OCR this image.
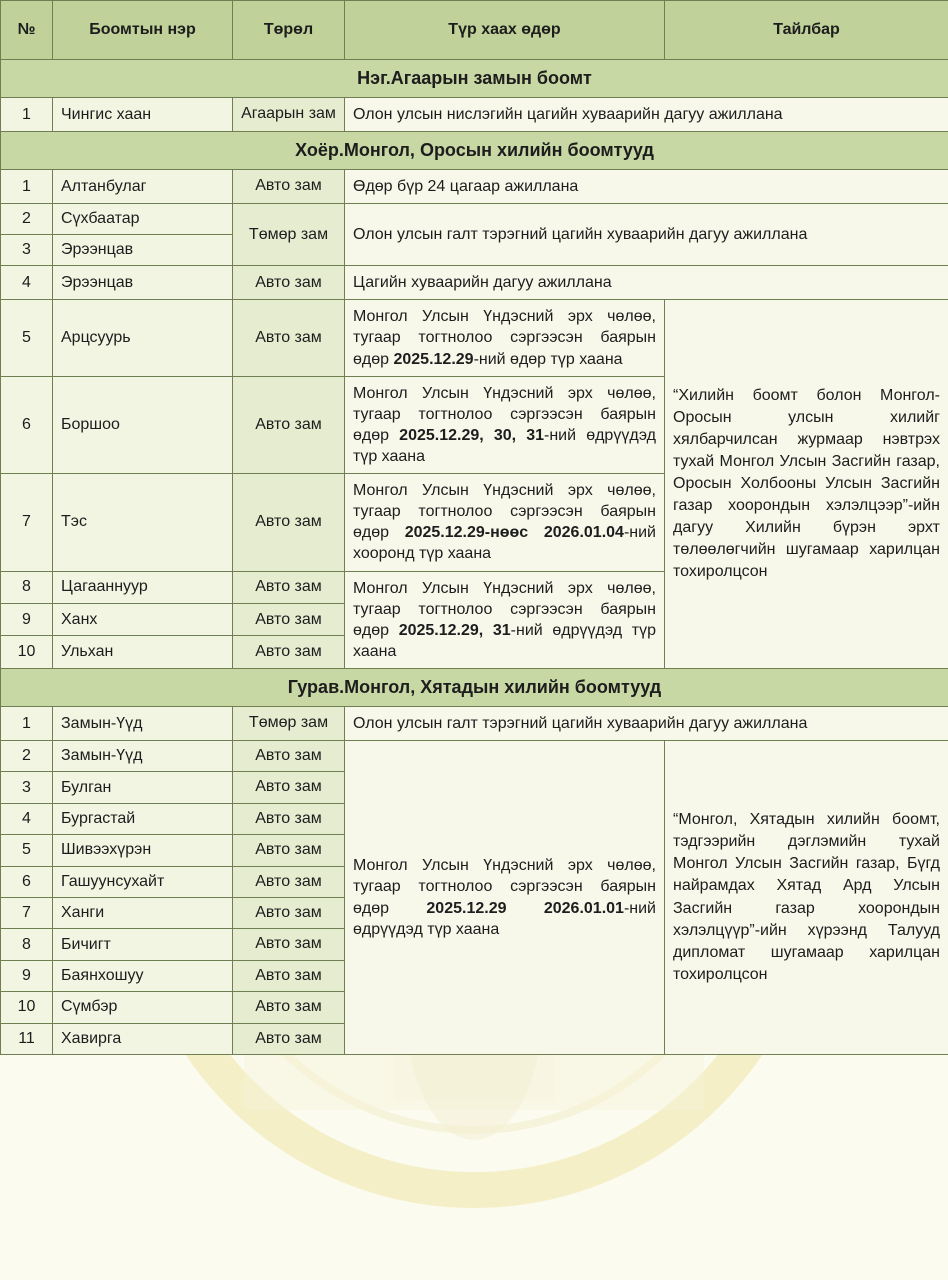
№	Боомтын нэр	Төрөл	Түр хаах өдөр	Тайлбар
Нэг.Агаарын замын боомт				
1	Чингис хаан	Агаарын зам	Олон улсын нислэгийн цагийн хуваарийн дагуу ажиллана	
Хоёр.Монгол, Оросын хилийн боомтууд				
1	Алтанбулаг	Авто зам	Өдөр бүр 24 цагаар ажиллана	
2	Сүхбаатар	Төмөр зам	Олон улсын галт тэрэгний цагийн хуваарийн дагуу ажиллана	
3	Эрээнцав			
4	Эрээнцав	Авто зам	Цагийн хуваарийн дагуу ажиллана	
5	Арцсуурь	Авто зам	Монгол Улсын Үндэсний эрх чөлөө, тугаар тогтнолоо сэргээсэн баярын өдөр 2025.12.29-ний өдөр түр хаана	“Хилийн боомт болон Монгол-Оросын улсын хилийг хялбарчилсан журмаар нэвтрэх тухай Монгол Улсын Засгийн газар, Оросын Холбооны Улсын Засгийн газар хоорондын хэлэлцээр”-ийн дагуу Хилийн бүрэн эрхт төлөөлөгчийн шугамаар харилцан тохиролцсон
6	Боршоо	Авто зам	Монгол Улсын Үндэсний эрх чөлөө, тугаар тогтнолоо сэргээсэн баярын өдөр 2025.12.29, 30, 31-ний өдрүүдэд түр хаана	
7	Тэс	Авто зам	Монгол Улсын Үндэсний эрх чөлөө, тугаар тогтнолоо сэргээсэн баярын өдөр 2025.12.29-нөөс 2026.01.04-ний хооронд түр хаана	
8	Цагааннуур	Авто зам	Монгол Улсын Үндэсний эрх чөлөө, тугаар тогтнолоо сэргээсэн баярын өдөр 2025.12.29, 31-ний өдрүүдэд түр хаана	
9	Ханх	Авто зам		
10	Ульхан	Авто зам		
Гурав.Монгол, Хятадын хилийн боомтууд				
1	Замын-Үүд	Төмөр зам	Олон улсын галт тэрэгний цагийн хуваарийн дагуу ажиллана	
2	Замын-Үүд	Авто зам	Монгол Улсын Үндэсний эрх чөлөө, тугаар тогтнолоо сэргээсэн баярын өдөр 2025.12.29 2026.01.01-ний өдрүүдэд түр хаана	“Монгол, Хятадын хилийн боомт, тэдгээрийн дэглэмийн тухай Монгол Улсын Засгийн газар, Бүгд найрамдах Хятад Ард Улсын Засгийн газар хоорондын хэлэлцүүр”-ийн хүрээнд Талууд дипломат шугамаар харилцан тохиролцсон
3	Булган	Авто зам		
4	Бургастай	Авто зам		
5	Шивээхүрэн	Авто зам		
6	Гашуунсухайт	Авто зам		
7	Ханги	Авто зам		
8	Бичигт	Авто зам		
9	Баянхошуу	Авто зам		
10	Сүмбэр	Авто зам		
11	Хавирга	Авто зам		
